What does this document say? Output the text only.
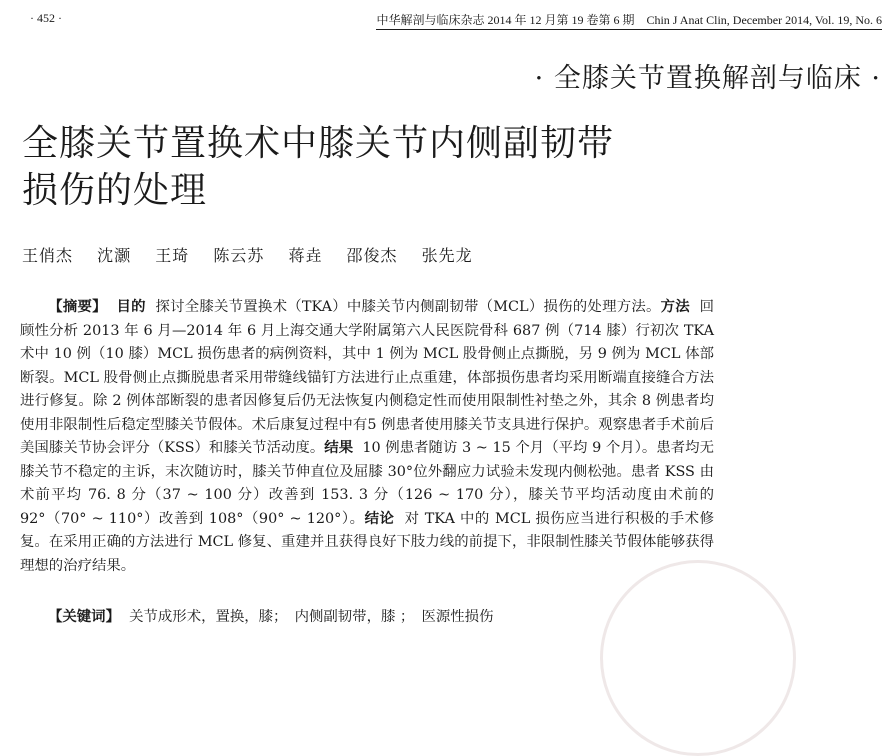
· 452 ·	中华解剖与临床杂志 2014 年 12 月第 19 卷第 6 期　Chin J Anat Clin, December 2014, Vol. 19, No. 6
· 全膝关节置换解剖与临床 ·
全膝关节置换术中膝关节内侧副韧带
损伤的处理
王俏杰 沈灏 王琦 陈云苏 蒋垚 邵俊杰 张先龙
【摘要】 目的 探讨全膝关节置换术（TKA）中膝关节内侧副韧带（MCL）损伤的处理方法。方法 回顾性分析 2013 年 6 月—2014 年 6 月上海交通大学附属第六人民医院骨科 687 例（714 膝）行初次 TKA 术中 10 例（10 膝）MCL 损伤患者的病例资料，其中 1 例为 MCL 股骨侧止点撕脱，另 9 例为 MCL 体部断裂。MCL 股骨侧止点撕脱患者采用带缝线锚钉方法进行止点重建，体部损伤患者均采用断端直接缝合方法进行修复。除 2 例体部断裂的患者因修复后仍无法恢复内侧稳定性而使用限制性衬垫之外，其余 8 例患者均使用非限制性后稳定型膝关节假体。术后康复过程中有5 例患者使用膝关节支具进行保护。观察患者手术前后美国膝关节协会评分（KSS）和膝关节活动度。结果 10 例患者随访 3 ~ 15 个月（平均 9 个月）。患者均无膝关节不稳定的主诉，末次随访时，膝关节伸直位及屈膝 30°位外翻应力试验未发现内侧松弛。患者 KSS 由术前平均 76. 8 分（37 ~ 100 分）改善到 153. 3 分（126 ~ 170 分），膝关节平均活动度由术前的 92°（70° ~ 110°）改善到 108°（90° ~ 120°）。结论 对 TKA 中的 MCL 损伤应当进行积极的手术修复。在采用正确的方法进行 MCL 修复、重建并且获得良好下肢力线的前提下，非限制性膝关节假体能够获得理想的治疗结果。
【关键词】 关节成形术，置换，膝；　内侧副韧带，膝 ；　医源性损伤
